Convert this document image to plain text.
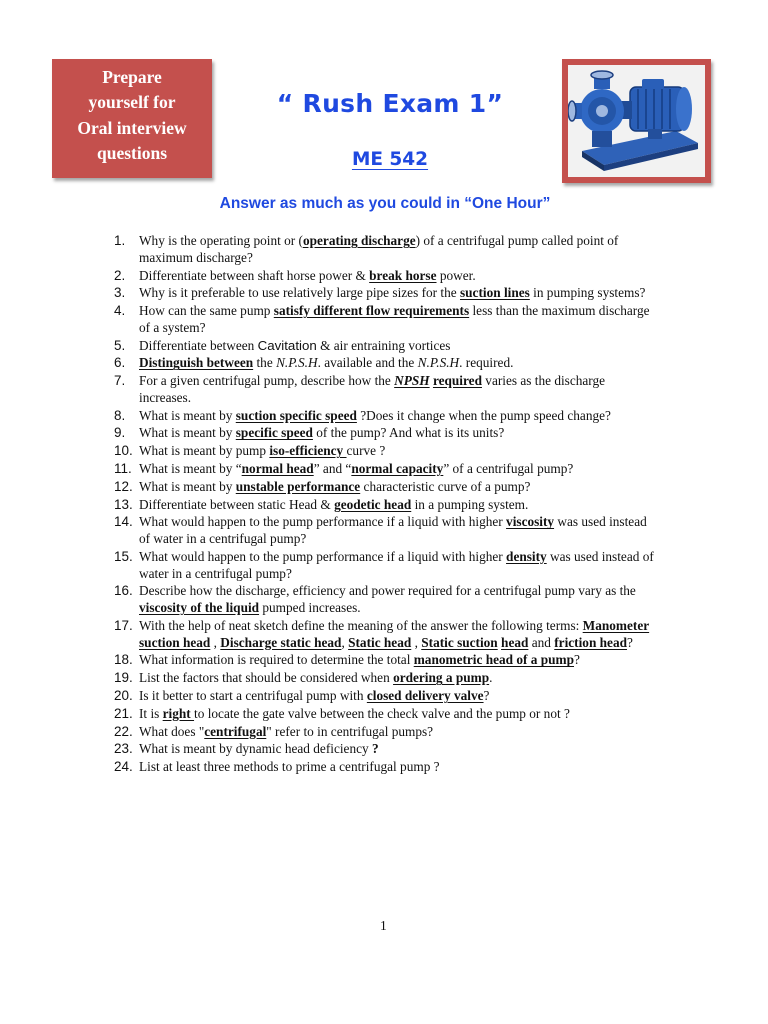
Prepare
yourself for
Oral interview
questions
“ Rush Exam 1”
ME 542
Answer as much as you could in “One Hour”
1. Why is the operating point or (operating discharge) of a centrifugal pump called point of maximum discharge?
2. Differentiate between shaft horse power & break horse power.
3. Why is it preferable to use relatively large pipe sizes for the suction lines in pumping systems?
4. How can the same pump satisfy different flow requirements less than the maximum discharge of a system?
5. Differentiate between Cavitation & air entraining vortices
6. Distinguish between the N.P.S.H. available and the N.P.S.H. required.
7. For a given centrifugal pump, describe how the NPSH required varies as the discharge increases.
8. What is meant by suction specific speed ?Does it change when the pump speed change?
9. What is meant by specific speed of the pump? And what is its units?
10. What is meant by pump iso-efficiency curve ?
11. What is meant by “normal head” and “normal capacity” of a centrifugal pump?
12. What is meant by unstable performance characteristic curve of a pump?
13. Differentiate between static Head & geodetic head in a pumping system.
14. What would happen to the pump performance if a liquid with higher viscosity was used instead of water in a centrifugal pump?
15. What would happen to the pump performance if a liquid with higher density was used instead of water in a centrifugal pump?
16. Describe how the discharge, efficiency and power required for a centrifugal pump vary as the viscosity of the liquid pumped increases.
17. With the help of neat sketch define the meaning of the answer the following terms: Manometer suction head , Discharge static head, Static head , Static suction head and friction head?
18. What information is required to determine the total manometric head of a pump?
19. List the factors that should be considered when ordering a pump.
20. Is it better to start a centrifugal pump with closed delivery valve?
21. It is right to locate the gate valve between the check valve and the pump or not ?
22. What does "centrifugal" refer to in centrifugal pumps?
23. What is meant by dynamic head deficiency ?
24. List at least three methods to prime a centrifugal pump ?
1
